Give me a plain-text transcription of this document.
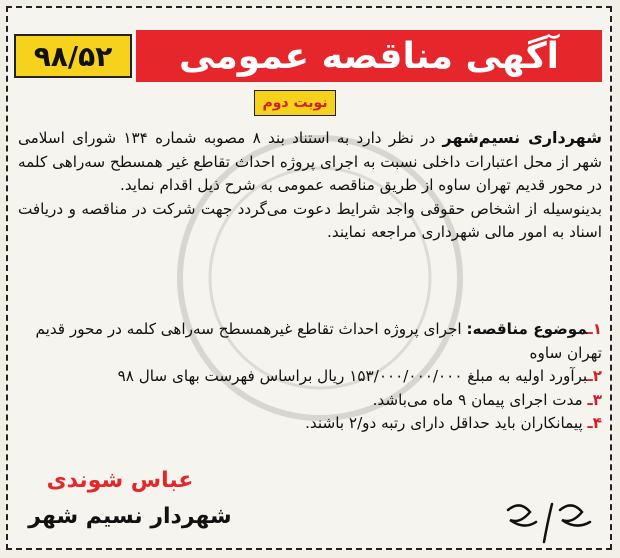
۹۸/۵۲	آگهی مناقصه عمومی
نوبت دوم

شهرداری نسیم‌شهر در نظر دارد به استناد بند ۸ مصوبه شماره ۱۳۴ شورای اسلامی شهر از محل اعتبارات داخلی نسبت به اجرای پروژه احداث تقاطع غیر همسطح سه‌راهی کلمه در محور قدیم تهران ساوه از طریق مناقصه عمومی به شرح ذیل اقدام نماید.

بدینوسیله از اشخاص حقوقی واجد شرایط دعوت می‌گردد جهت شرکت در مناقصه و دریافت اسناد به امور مالی شهرداری مراجعه نمایند.

۱ـموضوع مناقصه: اجرای پروژه احداث تقاطع غیرهمسطح سه‌راهی کلمه در محور قدیم تهران ساوه

۲ـبرآورد اولیه به مبلغ ۱۵۳/۰۰۰/۰۰۰/۰۰۰ ریال براساس فهرست بهای سال ۹۸

۳ـ مدت اجرای پیمان ۹ ماه می‌باشد.

۴ـ پیمانکاران باید حداقل دارای رتبه دو/۲ باشند.

عباس شوندی
شهردار نسیم شهر
